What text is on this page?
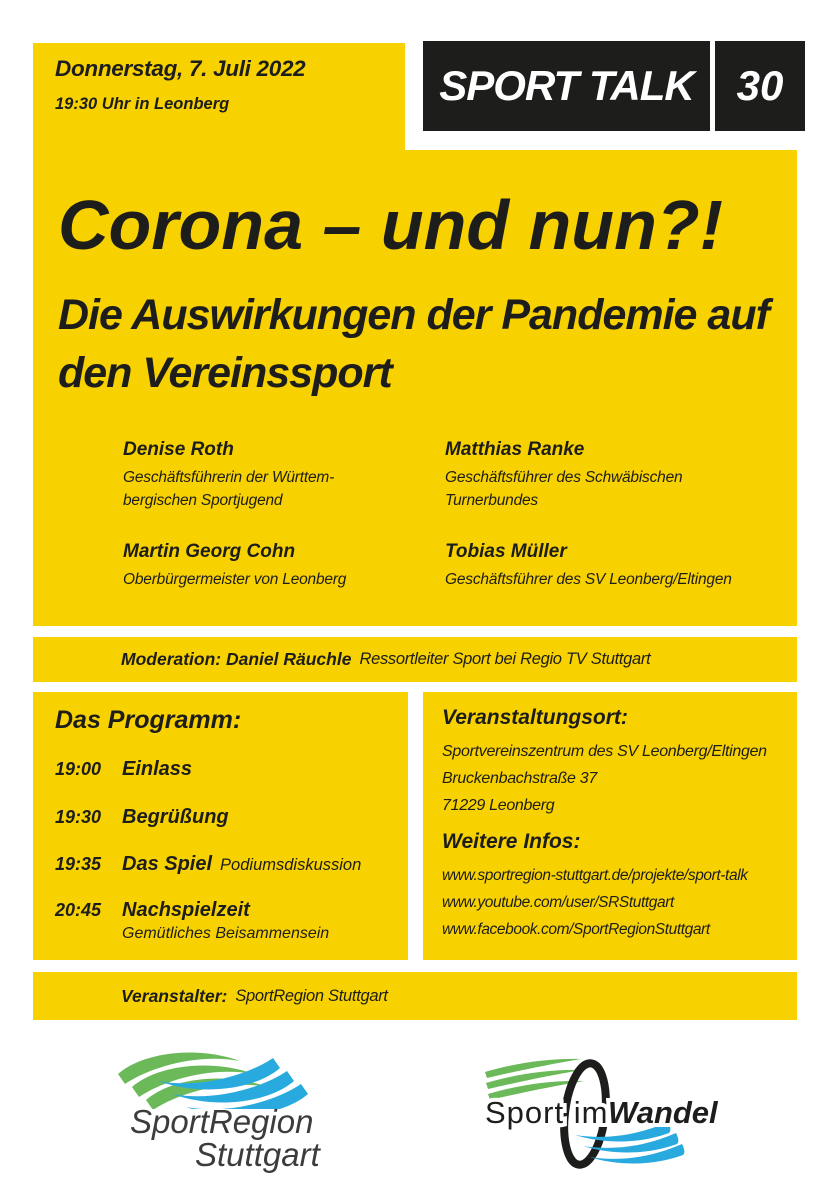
Donnerstag, 7. Juli 2022
19:30 Uhr in Leonberg	SPORT TALK 30
Corona – und nun?!
Die Auswirkungen der Pandemie auf
den Vereinssport
Denise Roth
Geschäftsführerin der Württem-
bergischen Sportjugend
Matthias Ranke
Geschäftsführer des Schwäbischen
Turnerbundes
Martin Georg Cohn
Oberbürgermeister von Leonberg
Tobias Müller
Geschäftsführer des SV Leonberg/Eltingen
Moderation: Daniel Räuchle Ressortleiter Sport bei Regio TV Stuttgart
Das Programm:
19:00	Einlass
19:30	Begrüßung
19:35	Das Spiel Podiumsdiskussion
20:45	Nachspielzeit
Gemütliches Beisammensein
Veranstaltungsort:
Sportvereinszentrum des SV Leonberg/Eltingen
Bruckenbachstraße 37
71229 Leonberg
Weitere Infos:
www.sportregion-stuttgart.de/projekte/sport-talk
www.youtube.com/user/SRStuttgart
www.facebook.com/SportRegionStuttgart
Veranstalter: SportRegion Stuttgart
SportRegion
Stuttgart
Sport im Wandel
